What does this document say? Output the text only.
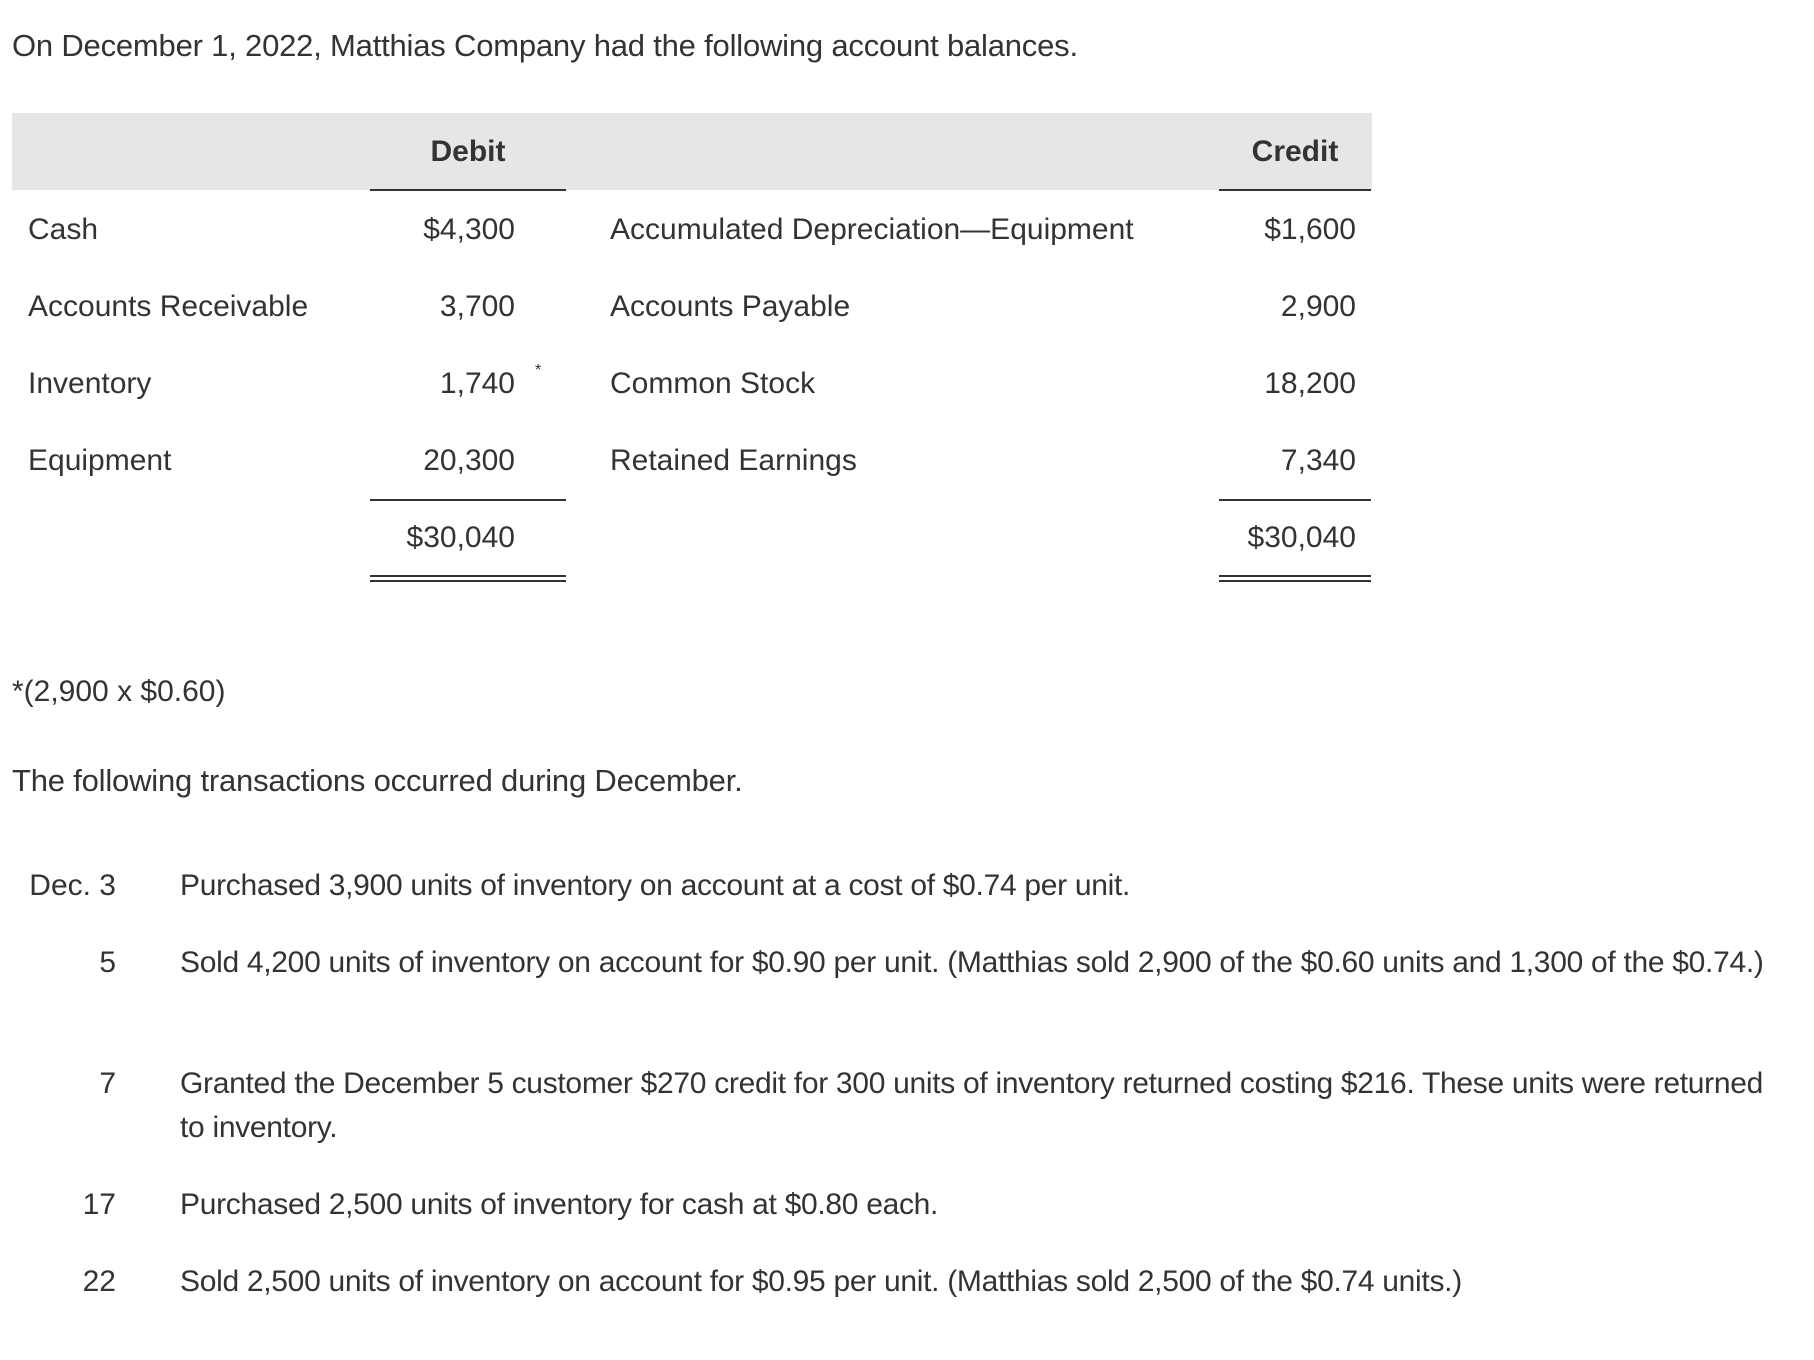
On December 1, 2022, Matthias Company had the following account balances.
Debit	Credit
Cash	$4,300	Accumulated Depreciation—Equipment	$1,600
Accounts Receivable	3,700	Accounts Payable	2,900
Inventory	1,740 * Common Stock	18,200
Equipment	20,300	Retained Earnings	7,340
$30,040	$30,040
*(2,900 x $0.60)
The following transactions occurred during December.
Dec. 3 Purchased 3,900 units of inventory on account at a cost of $0.74 per unit.
5 Sold 4,200 units of inventory on account for $0.90 per unit. (Matthias sold 2,900 of the $0.60 units and 1,300 of the $0.74.)
7 Granted the December 5 customer $270 credit for 300 units of inventory returned costing $216. These units were returned to inventory.
17 Purchased 2,500 units of inventory for cash at $0.80 each.
22 Sold 2,500 units of inventory on account for $0.95 per unit. (Matthias sold 2,500 of the $0.74 units.)
